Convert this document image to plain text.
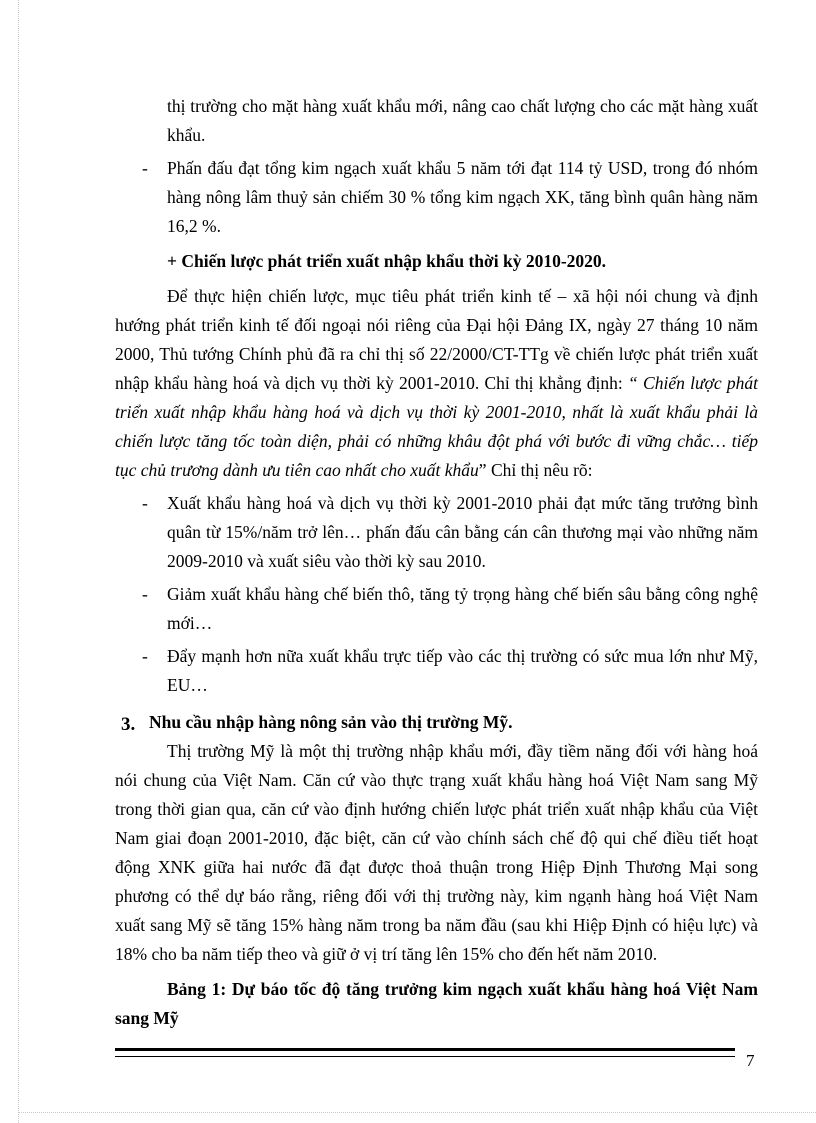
thị trường cho mặt hàng xuất khẩu mới, nâng cao chất lượng cho các mặt hàng xuất khẩu.

- Phấn đấu đạt tổng kim ngạch xuất khẩu 5 năm tới đạt 114 tỷ USD, trong đó nhóm hàng nông lâm thuỷ sản chiếm 30 % tổng kim ngạch XK, tăng bình quân hàng năm 16,2 %.

+ Chiến lược phát triển xuất nhập khẩu thời kỳ 2010-2020.

Để thực hiện chiến lược, mục tiêu phát triển kinh tế – xã hội nói chung và định hướng phát triển kinh tế đối ngoại nói riêng của Đại hội Đảng IX, ngày 27 tháng 10 năm 2000, Thủ tướng Chính phủ đã ra chỉ thị số 22/2000/CT-TTg về chiến lược phát triển xuất nhập khẩu hàng hoá và dịch vụ thời kỳ 2001-2010. Chỉ thị khẳng định: “ Chiến lược phát triển xuất nhập khẩu hàng hoá và dịch vụ thời kỳ 2001-2010, nhất là xuất khẩu phải là chiến lược tăng tốc toàn diện, phải có những khâu đột phá với bước đi vững chắc… tiếp tục chủ trương dành ưu tiên cao nhất cho xuất khẩu” Chỉ thị nêu rõ:

- Xuất khẩu hàng hoá và dịch vụ thời kỳ 2001-2010 phải đạt mức tăng trưởng bình quân từ 15%/năm trở lên… phấn đấu cân bằng cán cân thương mại vào những năm 2009-2010 và xuất siêu vào thời kỳ sau 2010.
- Giảm xuất khẩu hàng chế biến thô, tăng tỷ trọng hàng chế biến sâu bằng công nghệ mới…
- Đẩy mạnh hơn nữa xuất khẩu trực tiếp vào các thị trường có sức mua lớn như Mỹ, EU…
3. Nhu cầu nhập hàng nông sản vào thị trường Mỹ.

Thị trường Mỹ là một thị trường nhập khẩu mới, đầy tiềm năng đối với hàng hoá nói chung của Việt Nam. Căn cứ vào thực trạng xuất khẩu hàng hoá Việt Nam sang Mỹ trong thời gian qua, căn cứ vào định hướng chiến lược phát triển xuất nhập khẩu của Việt Nam giai đoạn 2001-2010, đặc biệt, căn cứ vào chính sách chế độ qui chế điều tiết hoạt động XNK giữa hai nước đã đạt được thoả thuận trong Hiệp Định Thương Mại song phương có thể dự báo rằng, riêng đối với thị trường này, kim ngạnh hàng hoá Việt Nam xuất sang Mỹ sẽ tăng 15% hàng năm trong ba năm đầu (sau khi Hiệp Định có hiệu lực) và 18% cho ba năm tiếp theo và giữ ở vị trí tăng lên 15% cho đến hết năm 2010.

Bảng 1: Dự báo tốc độ tăng trưởng kim ngạch xuất khẩu hàng hoá Việt Nam sang Mỹ

7
